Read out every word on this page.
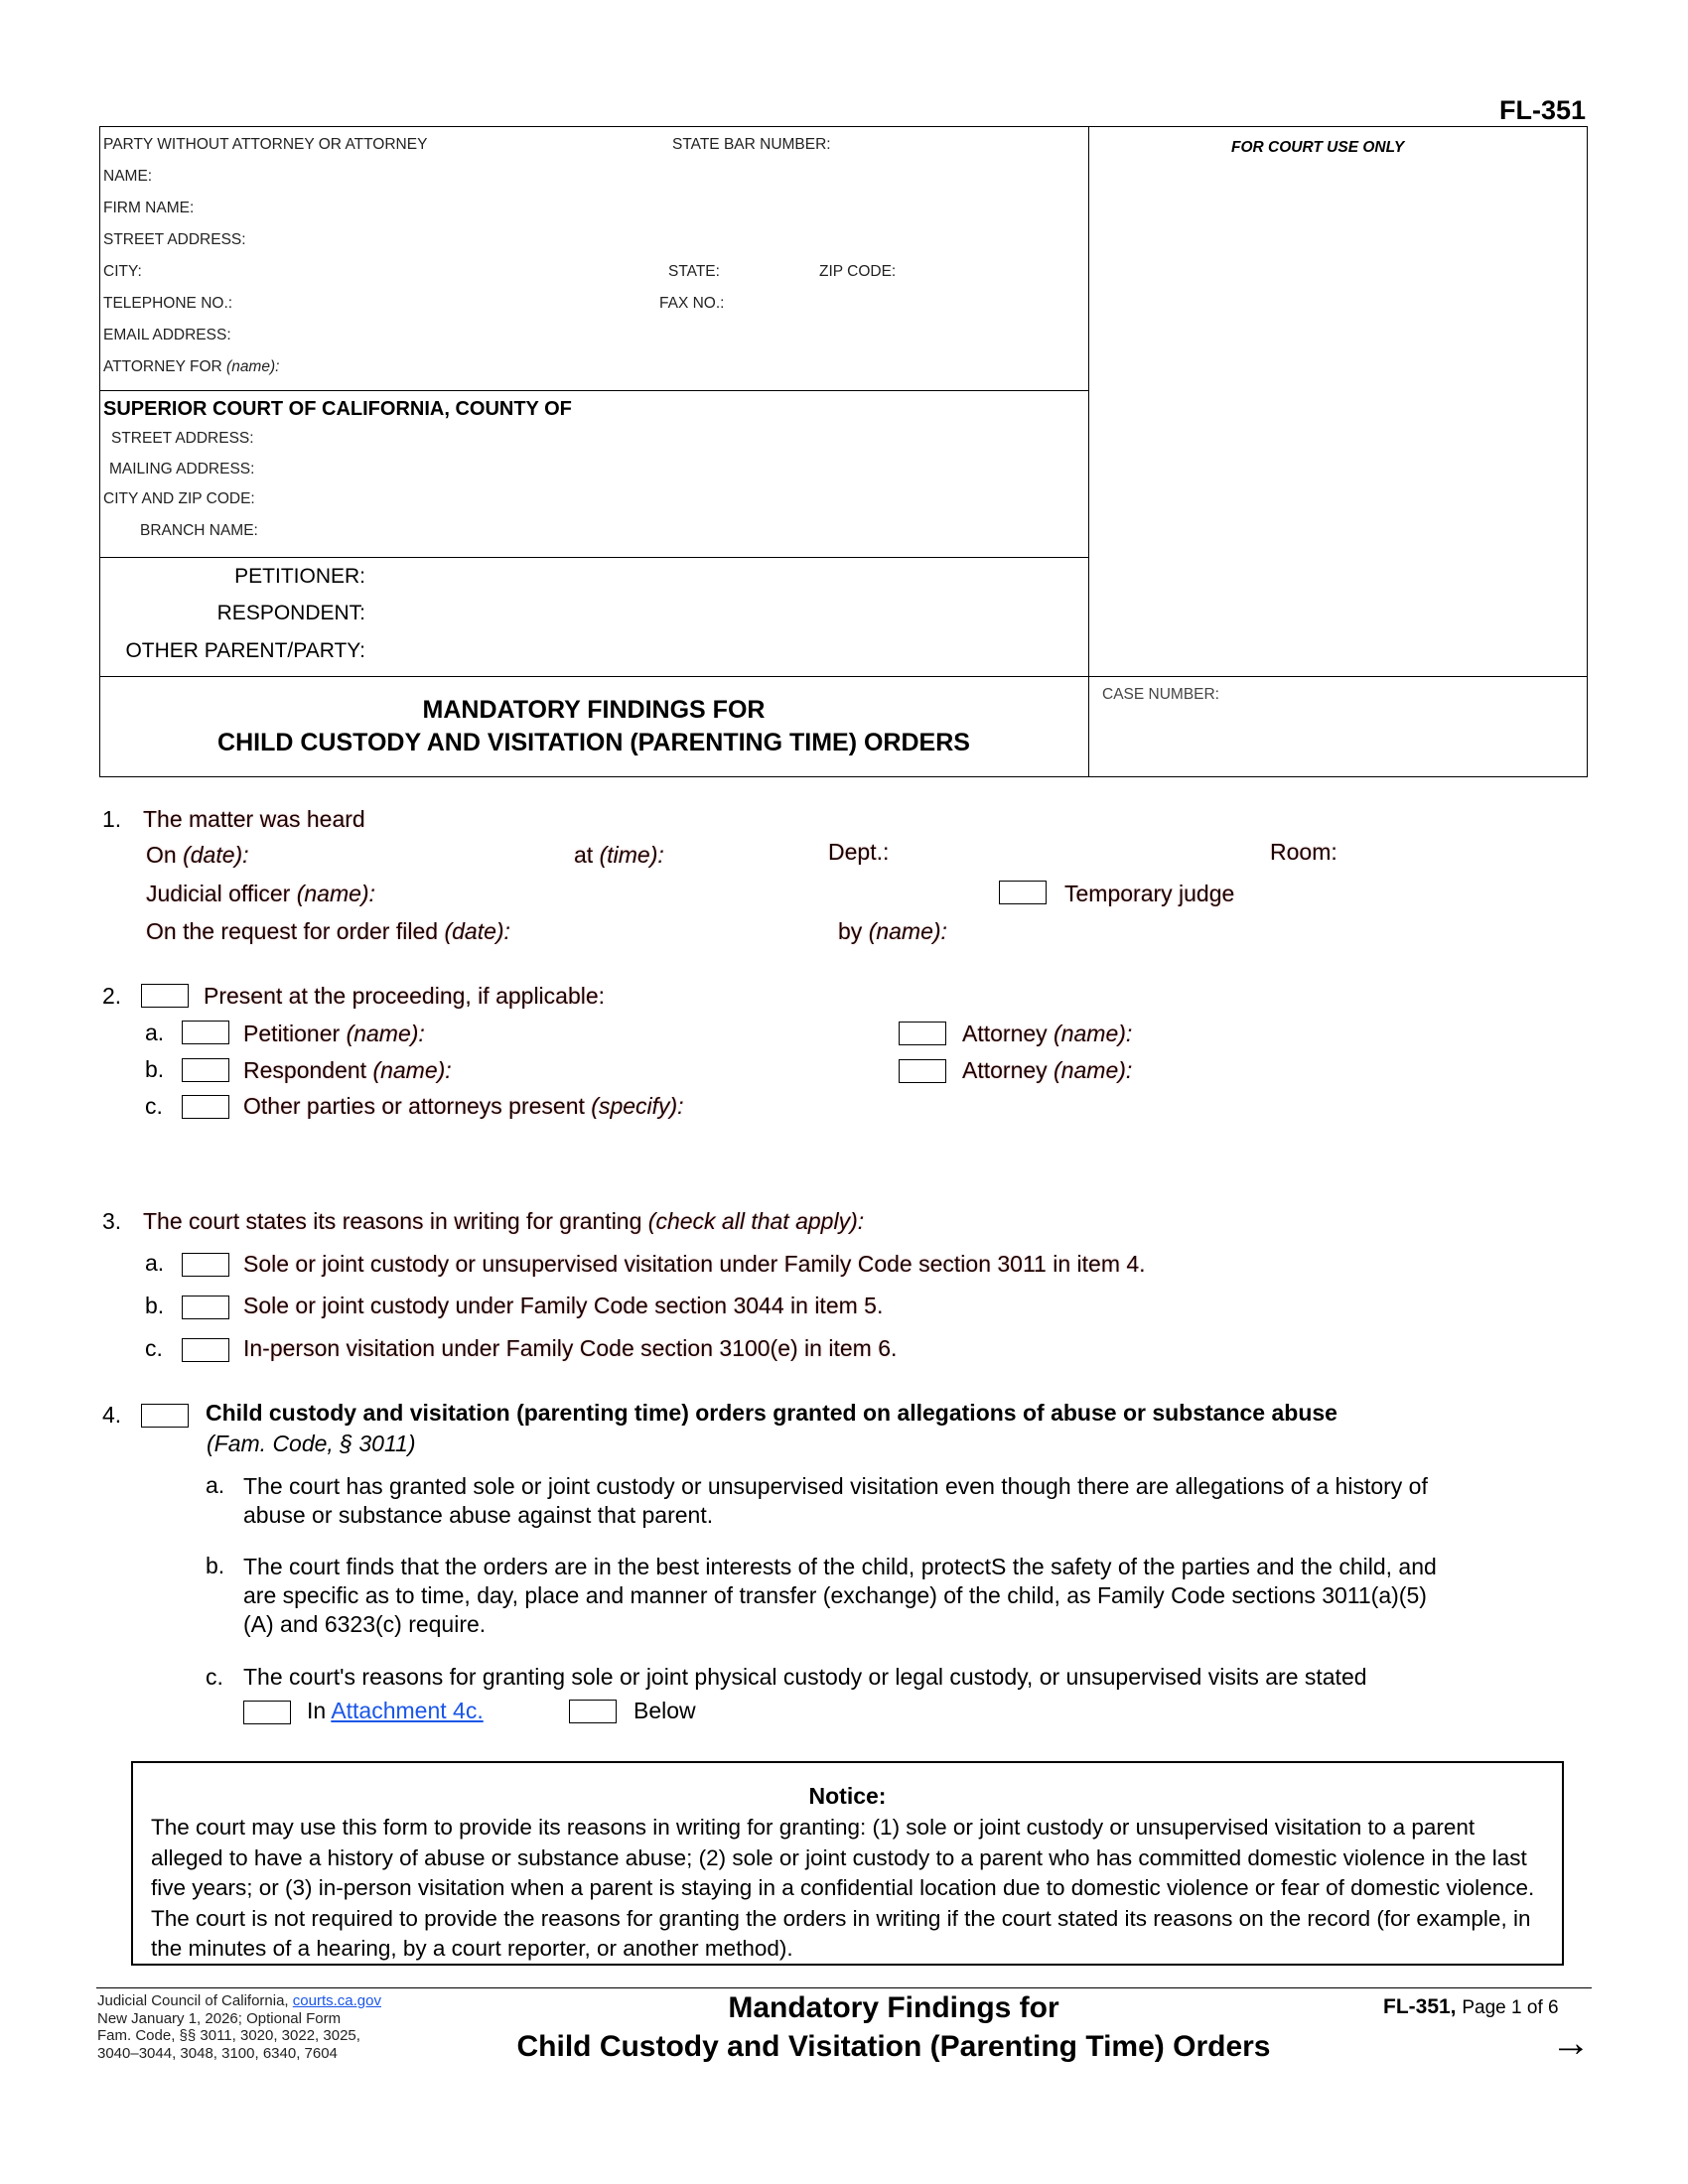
FL-351
PARTY WITHOUT ATTORNEY OR ATTORNEY	STATE BAR NUMBER:
NAME:
FIRM NAME:
STREET ADDRESS:
CITY:	STATE:	ZIP CODE:
TELEPHONE NO.:	FAX NO.:
EMAIL ADDRESS:
ATTORNEY FOR (name):
SUPERIOR COURT OF CALIFORNIA, COUNTY OF
STREET ADDRESS:
MAILING ADDRESS:
CITY AND ZIP CODE:
BRANCH NAME:
PETITIONER:
RESPONDENT:
OTHER PARENT/PARTY:
FOR COURT USE ONLY
CASE NUMBER:
MANDATORY FINDINGS FOR
CHILD CUSTODY AND VISITATION (PARENTING TIME) ORDERS
1. The matter was heard
On (date):	at (time):	Dept.:	Room:
Judicial officer (name):	Temporary judge
On the request for order filed (date):	by (name):
2.	Present at the proceeding, if applicable:
a.	Petitioner (name):	Attorney (name):
b.	Respondent (name):	Attorney (name):
c.	Other parties or attorneys present (specify):
3. The court states its reasons in writing for granting (check all that apply):
a.	Sole or joint custody or unsupervised visitation under Family Code section 3011 in item 4.
b.	Sole or joint custody under Family Code section 3044 in item 5.
c.	In-person visitation under Family Code section 3100(e) in item 6.
4.	Child custody and visitation (parenting time) orders granted on allegations of abuse or substance abuse
(Fam. Code, § 3011)
a. The court has granted sole or joint custody or unsupervised visitation even though there are allegations of a history of
abuse or substance abuse against that parent.
b. The court finds that the orders are in the best interests of the child, protectS the safety of the parties and the child, and
are specific as to time, day, place and manner of transfer (exchange) of the child, as Family Code sections 3011(a)(5)
(A) and 6323(c) require.
c. The court's reasons for granting sole or joint physical custody or legal custody, or unsupervised visits are stated
In Attachment 4c.	Below
Notice:
The court may use this form to provide its reasons in writing for granting: (1) sole or joint custody or unsupervised visitation to a parent alleged to have a history of abuse or substance abuse; (2) sole or joint custody to a parent who has committed domestic violence in the last five years; or (3) in-person visitation when a parent is staying in a confidential location due to domestic violence or fear of domestic violence. The court is not required to provide the reasons for granting the orders in writing if the court stated its reasons on the record (for example, in the minutes of a hearing, by a court reporter, or another method).
Judicial Council of California, courts.ca.gov
New January 1, 2026; Optional Form
Fam. Code, §§ 3011, 3020, 3022, 3025,
3040–3044, 3048, 3100, 6340, 7604
Mandatory Findings for
Child Custody and Visitation (Parenting Time) Orders
FL-351, Page 1 of 6
→
